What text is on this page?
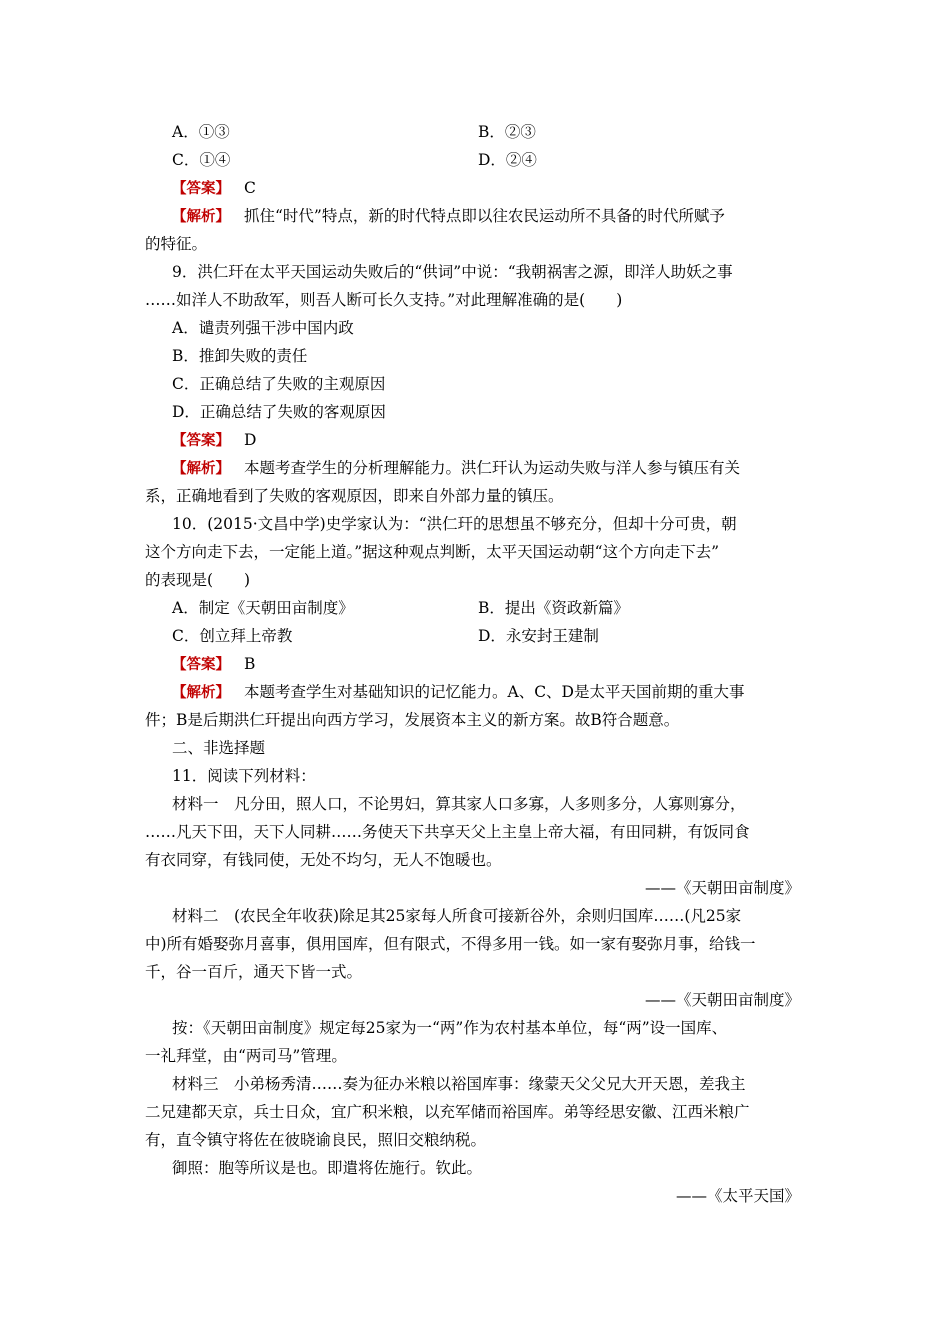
A．①③	B．②③
C．①④	D．②④
【答案】 C
【解析】 抓住“时代”特点，新的时代特点即以往农民运动所不具备的时代所赋予
的特征。
9．洪仁玕在太平天国运动失败后的“供词”中说：“我朝祸害之源，即洋人助妖之事
……如洋人不助敌军，则吾人断可长久支持。”对此理解准确的是(　　)
A．谴责列强干涉中国内政
B．推卸失败的责任
C．正确总结了失败的主观原因
D．正确总结了失败的客观原因
【答案】 D
【解析】 本题考查学生的分析理解能力。洪仁玕认为运动失败与洋人参与镇压有关
系，正确地看到了失败的客观原因，即来自外部力量的镇压。
10．(2015·文昌中学)史学家认为：“洪仁玕的思想虽不够充分，但却十分可贵，朝
这个方向走下去，一定能上道。”据这种观点判断，太平天国运动朝“这个方向走下去”
的表现是(　　)
A．制定《天朝田亩制度》	B．提出《资政新篇》
C．创立拜上帝教	D．永安封王建制
【答案】 B
【解析】 本题考查学生对基础知识的记忆能力。A、C、D是太平天国前期的重大事
件；B是后期洪仁玕提出向西方学习，发展资本主义的新方案。故B符合题意。
二、非选择题
11．阅读下列材料：
材料一　凡分田，照人口，不论男妇，算其家人口多寡，人多则多分，人寡则寡分，
……凡天下田，天下人同耕……务使天下共享天父上主皇上帝大福，有田同耕，有饭同食
有衣同穿，有钱同使，无处不均匀，无人不饱暖也。
——《天朝田亩制度》
材料二　(农民全年收获)除足其25家每人所食可接新谷外，余则归国库……(凡25家
中)所有婚娶弥月喜事，俱用国库，但有限式，不得多用一钱。如一家有娶弥月事，给钱一
千，谷一百斤，通天下皆一式。
——《天朝田亩制度》
按：《天朝田亩制度》规定每25家为一“两”作为农村基本单位，每“两”设一国库、
一礼拜堂，由“两司马”管理。
材料三　小弟杨秀清……奏为征办米粮以裕国库事：缘蒙天父父兄大开天恩，差我主
二兄建都天京，兵士日众，宜广积米粮，以充军储而裕国库。弟等经思安徽、江西米粮广
有，直令镇守将佐在彼晓谕良民，照旧交粮纳税。
御照：胞等所议是也。即遣将佐施行。钦此。
——《太平天国》
